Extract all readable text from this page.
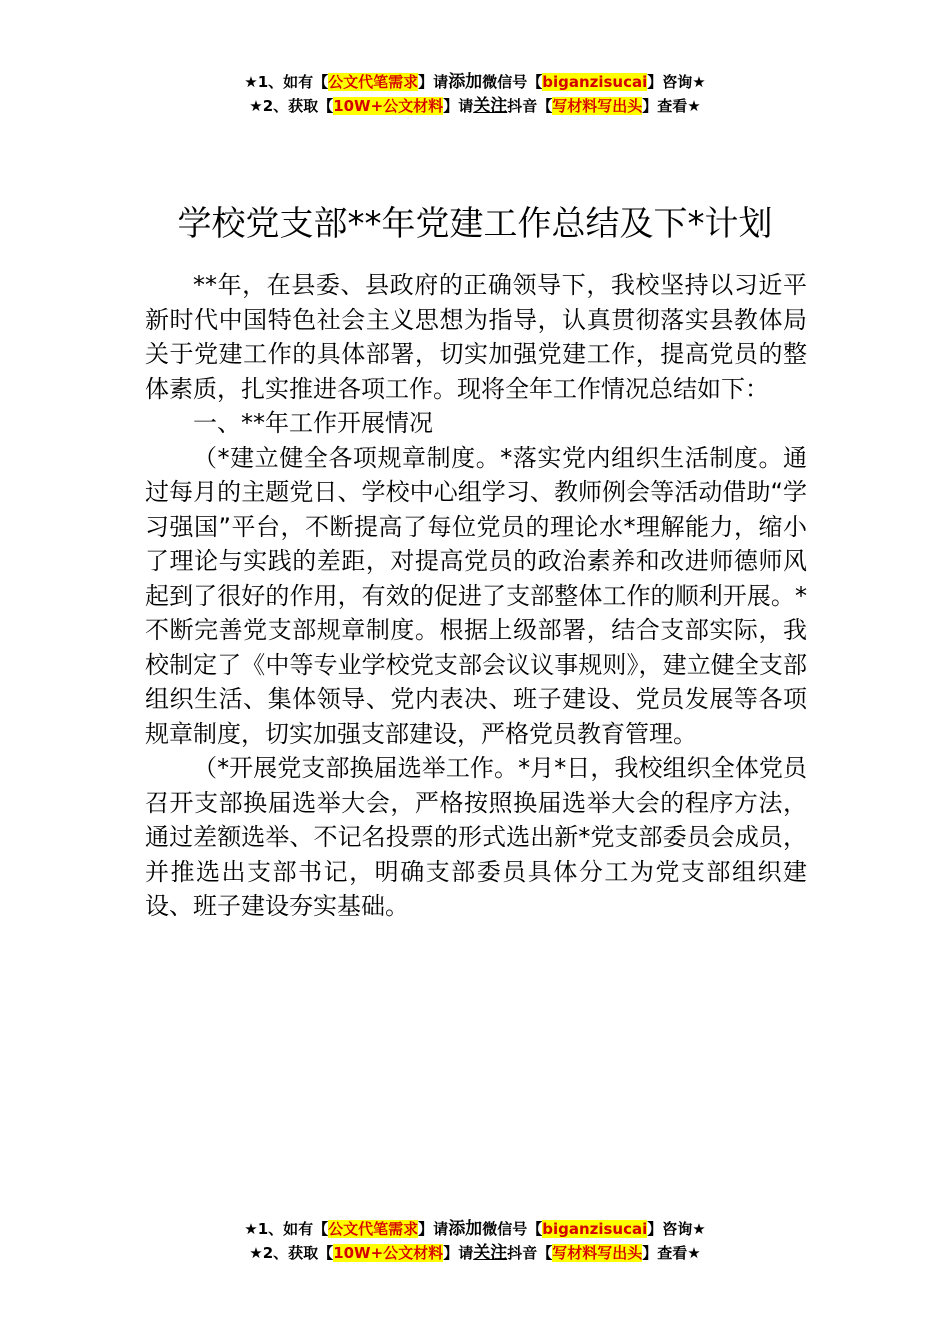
★1、如有【公文代笔需求】请添加微信号【biganzisucai】咨询★
★2、获取【10W+公文材料】请关注抖音【写材料写出头】查看★
学校党支部**年党建工作总结及下*计划

**年，在县委、县政府的正确领导下，我校坚持以习近平新时代中国特色社会主义思想为指导，认真贯彻落实县教体局关于党建工作的具体部署，切实加强党建工作，提高党员的整体素质，扎实推进各项工作。现将全年工作情况总结如下：

一、**年工作开展情况

（*建立健全各项规章制度。*落实党内组织生活制度。通过每月的主题党日、学校中心组学习、教师例会等活动借助“学习强国”平台，不断提高了每位党员的理论水*理解能力，缩小了理论与实践的差距，对提高党员的政治素养和改进师德师风起到了很好的作用，有效的促进了支部整体工作的顺利开展。*不断完善党支部规章制度。根据上级部署，结合支部实际，我校制定了《中等专业学校党支部会议议事规则》，建立健全支部组织生活、集体领导、党内表决、班子建设、党员发展等各项规章制度，切实加强支部建设，严格党员教育管理。

（*开展党支部换届选举工作。*月*日，我校组织全体党员召开支部换届选举大会，严格按照换届选举大会的程序方法，通过差额选举、不记名投票的形式选出新*党支部委员会成员，并推选出支部书记，明确支部委员具体分工为党支部组织建设、班子建设夯实基础。

★1、如有【公文代笔需求】请添加微信号【biganzisucai】咨询★
★2、获取【10W+公文材料】请关注抖音【写材料写出头】查看★
